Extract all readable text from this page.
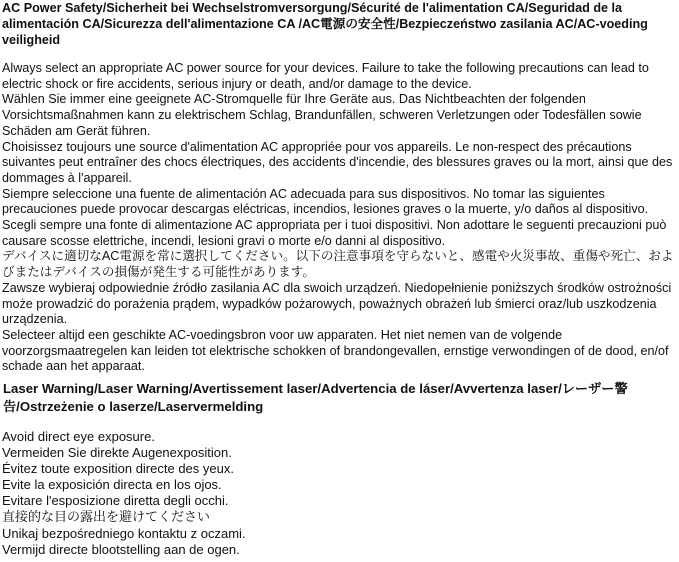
AC Power Safety/Sicherheit bei Wechselstromversorgung/Sécurité de l'alimentation CA/Seguridad de la alimentación CA/Sicurezza dell'alimentazione CA /AC電源の安全性/Bezpieczeństwo zasilania AC/AC-voeding veiligheid

Always select an appropriate AC power source for your devices. Failure to take the following precautions can lead to electric shock or fire accidents, serious injury or death, and/or damage to the device.

Wählen Sie immer eine geeignete AC-Stromquelle für Ihre Geräte aus. Das Nichtbeachten der folgenden Vorsichtsmaßnahmen kann zu elektrischem Schlag, Brandunfällen, schweren Verletzungen oder Todesfällen sowie Schäden am Gerät führen.

Choisissez toujours une source d'alimentation AC appropriée pour vos appareils. Le non-respect des précautions suivantes peut entraîner des chocs électriques, des accidents d'incendie, des blessures graves ou la mort, ainsi que des dommages à l'appareil.

Siempre seleccione una fuente de alimentación AC adecuada para sus dispositivos. No tomar las siguientes precauciones puede provocar descargas eléctricas, incendios, lesiones graves o la muerte, y/o daños al dispositivo.

Scegli sempre una fonte di alimentazione AC appropriata per i tuoi dispositivi. Non adottare le seguenti precauzioni può causare scosse elettriche, incendi, lesioni gravi o morte e/o danni al dispositivo.

デバイスに適切なAC電源を常に選択してください。以下の注意事項を守らないと、感電や火災事故、重傷や死亡、およびまたはデバイスの損傷が発生する可能性があります。

Zawsze wybieraj odpowiednie źródło zasilania AC dla swoich urządzeń. Niedopełnienie poniższych środków ostrożności może prowadzić do porażenia prądem, wypadków pożarowych, poważnych obrażeń lub śmierci oraz/lub uszkodzenia urządzenia.

Selecteer altijd een geschikte AC-voedingsbron voor uw apparaten. Het niet nemen van de volgende voorzorgsmaatregelen kan leiden tot elektrische schokken of brandongevallen, ernstige verwondingen of de dood, en/of schade aan het apparaat.

Laser Warning/Laser Warning/Avertissement laser/Advertencia de láser/Avvertenza laser/レーザー警告/Ostrzeżenie o laserze/Laservermelding

Avoid direct eye exposure.

Vermeiden Sie direkte Augenexposition.

Évitez toute exposition directe des yeux.

Evite la exposición directa en los ojos.

Evitare l'esposizione diretta degli occhi.

直接的な目の露出を避けてください

Unikaj bezpośredniego kontaktu z oczami.

Vermijd directe blootstelling aan de ogen.
